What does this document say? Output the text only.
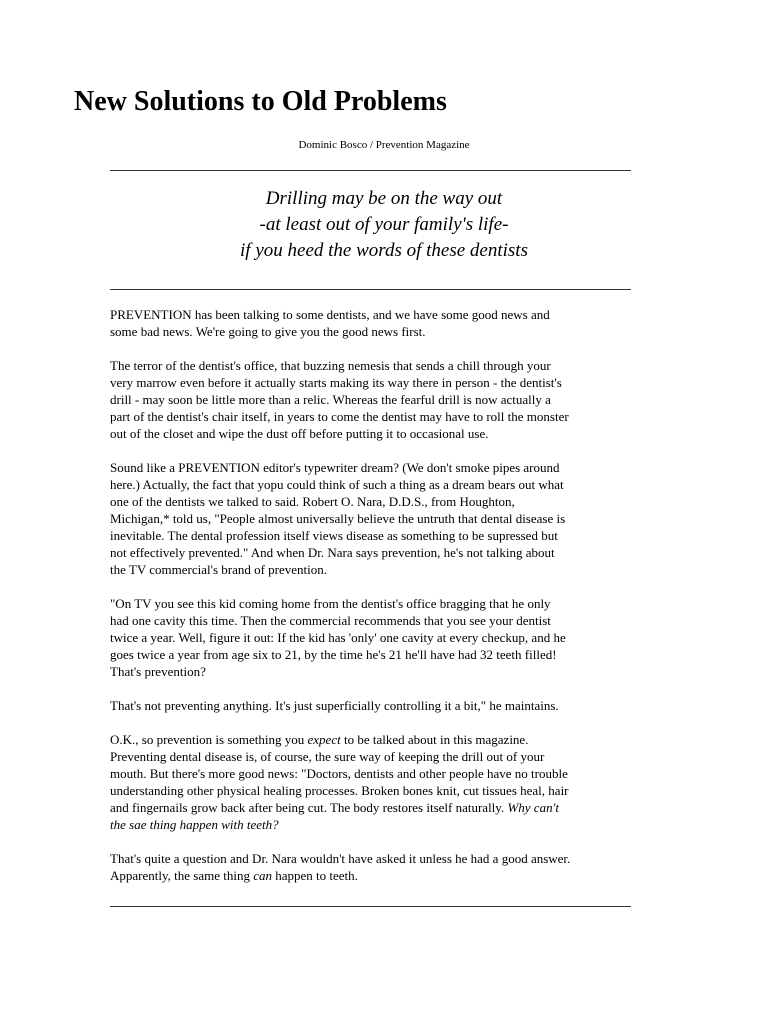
New Solutions to Old Problems
Dominic Bosco / Prevention Magazine
Drilling may be on the way out
-at least out of your family's life-
if you heed the words of these dentists

PREVENTION has been talking to some dentists, and we have some good news and
some bad news. We're going to give you the good news first.

The terror of the dentist's office, that buzzing nemesis that sends a chill through your
very marrow even before it actually starts making its way there in person - the dentist's
drill - may soon be little more than a relic. Whereas the fearful drill is now actually a
part of the dentist's chair itself, in years to come the dentist may have to roll the monster
out of the closet and wipe the dust off before putting it to occasional use.

Sound like a PREVENTION editor's typewriter dream? (We don't smoke pipes around
here.) Actually, the fact that yopu could think of such a thing as a dream bears out what
one of the dentists we talked to said. Robert O. Nara, D.D.S., from Houghton,
Michigan,* told us, "People almost universally believe the untruth that dental disease is
inevitable. The dental profession itself views disease as something to be supressed but
not effectively prevented." And when Dr. Nara says prevention, he's not talking about
the TV commercial's brand of prevention.

"On TV you see this kid coming home from the dentist's office bragging that he only
had one cavity this time. Then the commercial recommends that you see your dentist
twice a year. Well, figure it out: If the kid has 'only' one cavity at every checkup, and he
goes twice a year from age six to 21, by the time he's 21 he'll have had 32 teeth filled!
That's prevention?

That's not preventing anything. It's just superficially controlling it a bit," he maintains.

O.K., so prevention is something you expect to be talked about in this magazine.
Preventing dental disease is, of course, the sure way of keeping the drill out of your
mouth. But there's more good news: "Doctors, dentists and other people have no trouble
understanding other physical healing processes. Broken bones knit, cut tissues heal, hair
and fingernails grow back after being cut. The body restores itself naturally. Why can't
the sae thing happen with teeth?

That's quite a question and Dr. Nara wouldn't have asked it unless he had a good answer.
Apparently, the same thing can happen to teeth.
